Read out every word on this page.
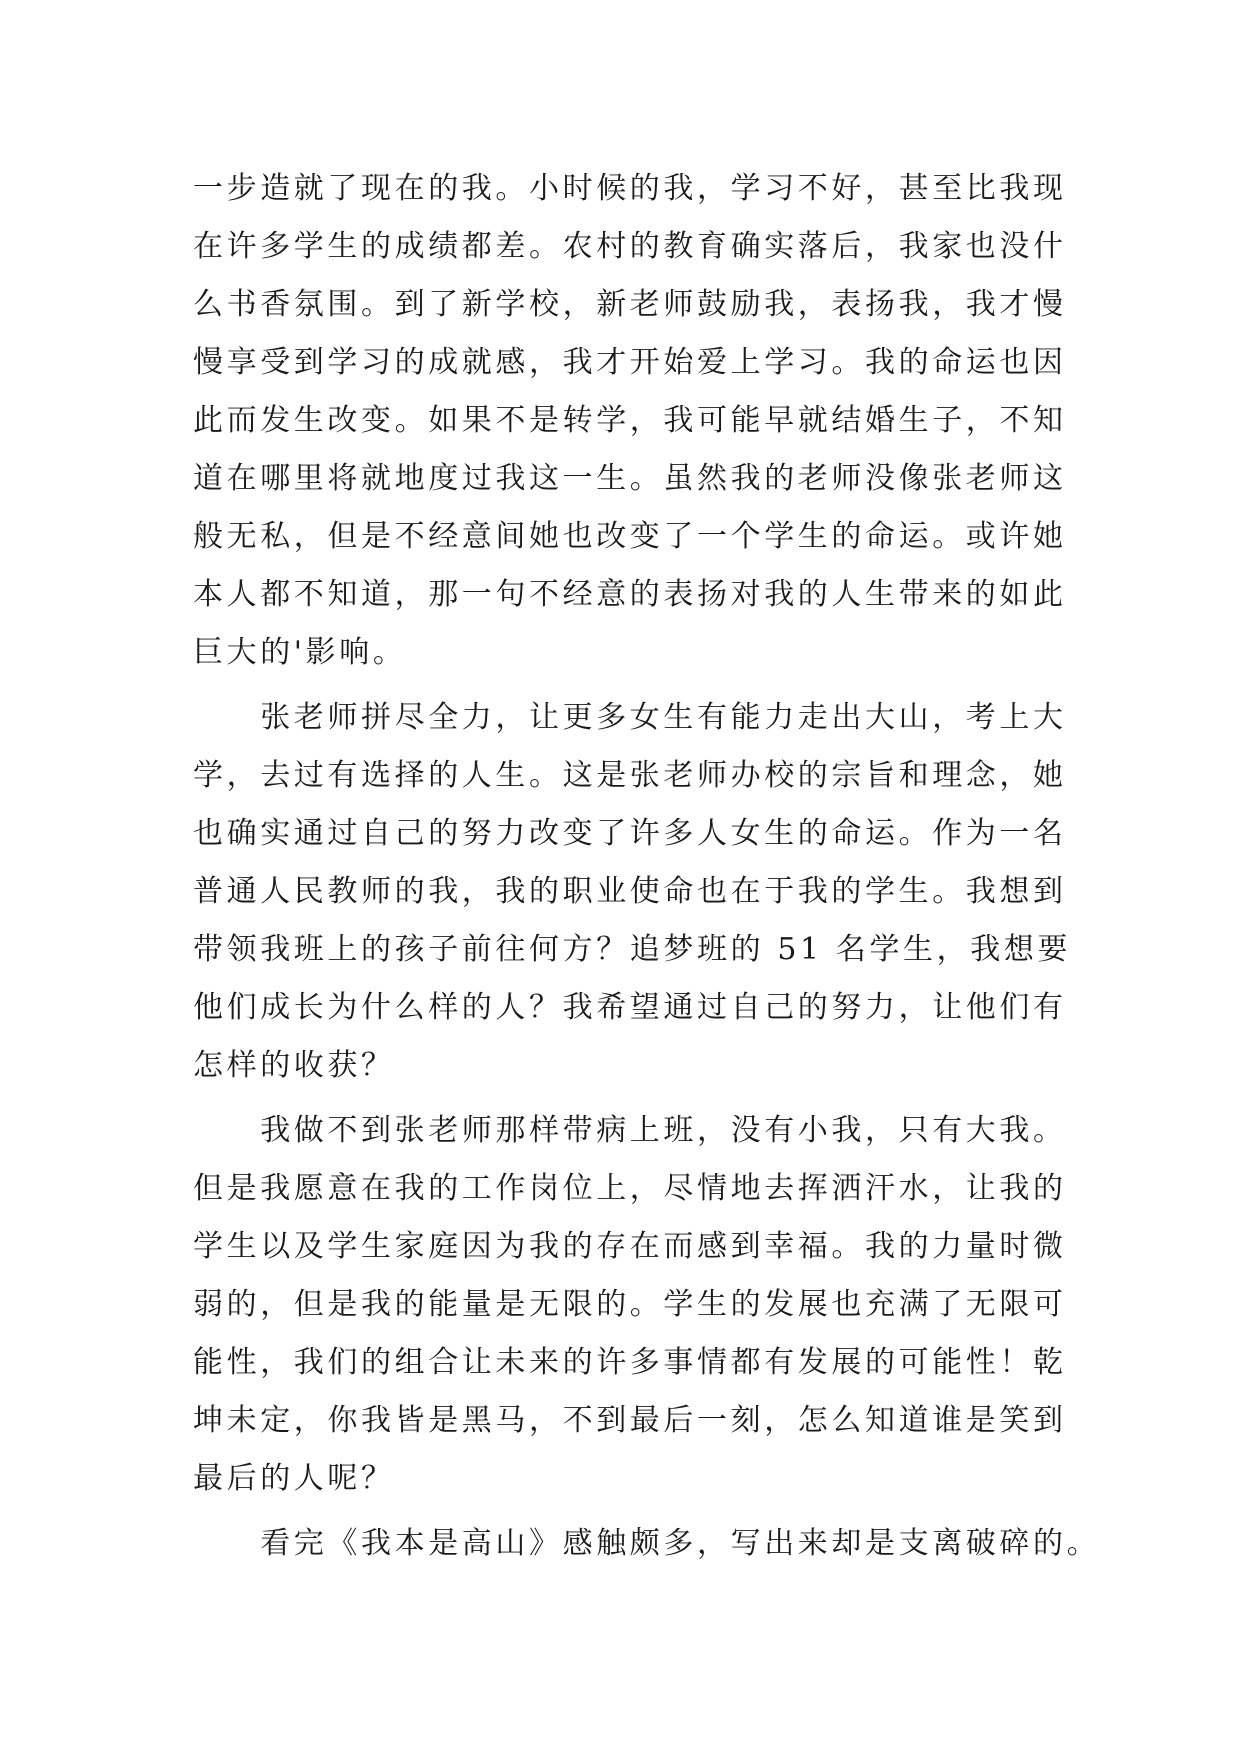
一步造就了现在的我。小时候的我，学习不好，甚至比我现
在许多学生的成绩都差。农村的教育确实落后，我家也没什
么书香氛围。到了新学校，新老师鼓励我，表扬我，我才慢
慢享受到学习的成就感，我才开始爱上学习。我的命运也因
此而发生改变。如果不是转学，我可能早就结婚生子，不知
道在哪里将就地度过我这一生。虽然我的老师没像张老师这
般无私，但是不经意间她也改变了一个学生的命运。或许她
本人都不知道，那一句不经意的表扬对我的人生带来的如此
巨大的'影响。
　　张老师拼尽全力，让更多女生有能力走出大山，考上大
学，去过有选择的人生。这是张老师办校的宗旨和理念，她
也确实通过自己的努力改变了许多人女生的命运。作为一名
普通人民教师的我，我的职业使命也在于我的学生。我想到
带领我班上的孩子前往何方？追梦班的 51 名学生，我想要
他们成长为什么样的人？我希望通过自己的努力，让他们有
怎样的收获？
　　我做不到张老师那样带病上班，没有小我，只有大我。
但是我愿意在我的工作岗位上，尽情地去挥洒汗水，让我的
学生以及学生家庭因为我的存在而感到幸福。我的力量时微
弱的，但是我的能量是无限的。学生的发展也充满了无限可
能性，我们的组合让未来的许多事情都有发展的可能性！乾
坤未定，你我皆是黑马，不到最后一刻，怎么知道谁是笑到
最后的人呢？
　　看完《我本是高山》感触颇多，写出来却是支离破碎的。
